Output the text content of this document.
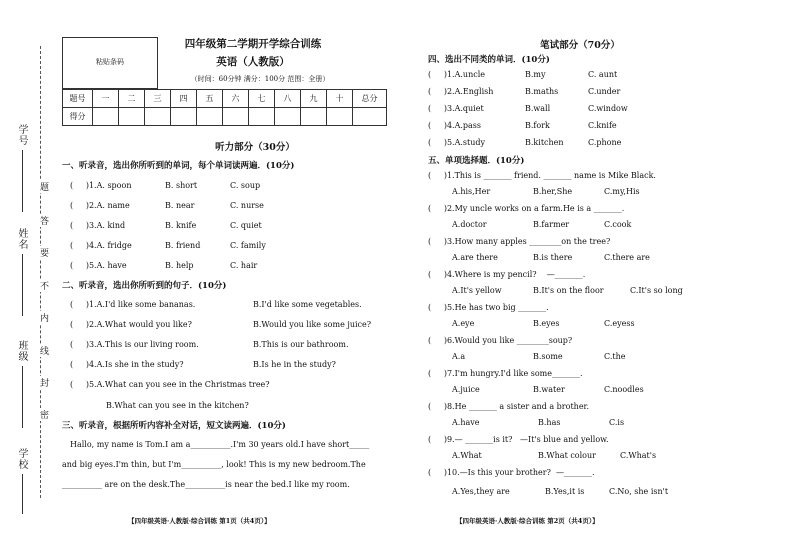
学号
姓名
班级
学校
题
答
要
不
内
线
封
密
粘贴条码
四年级第二学期开学综合训练
英语（人教版）
（时间：60分钟 满分：100分 范围：全册）
题号	一	二	三	四	五	六	七	八	九	十	总分
得分											
听力部分（30分）
一、听录音，选出你所听到的单词，每个单词读两遍．(10分)
(     )1.A. spoon	B. short	C. soup
(     )2.A. name	B. near	C. nurse
(     )3.A. kind	B. knife	C. quiet
(     )4.A. fridge	B. friend	C. family
(     )5.A. have	B. help	C. hair
二、听录音，选出你所听到的句子．(10分)
(     )1.A.I'd like some bananas.	B.I'd like some vegetables.
(     )2.A.What would you like?	B.Would you like some juice?
(     )3.A.This is our living room.	B.This is our bathroom.
(     )4.A.Is she in the study?	B.Is he in the study?
(     )5.A.What can you see in the Christmas tree?
B.What can you see in the kitchen?
三、听录音，根据所听内容补全对话，短文读两遍．(10分)
Hallo, my name is Tom.I am a__________.I'm 30 years old.I have short_____
and big eyes.I'm thin, but I'm__________, look! This is my new bedroom.The
__________ are on the desk.The__________is near the bed.I like my room.
【四年级英语·人教版·综合训练 第1页（共4页）】
笔试部分（70分）
四、选出不同类的单词．(10分)
(     )1.A.uncle	B.my	C. aunt
(     )2.A.English	B.maths	C.under
(     )3.A.quiet	B.wall	C.window
(     )4.A.pass	B.fork	C.knife
(     )5.A.study	B.kitchen	C.phone
五、单项选择题．(10分)
(     )1.This is _______ friend. _______ name is Mike Black.
A.his,Her	B.her,She	C.my,His
(     )2.My uncle works on a farm.He is a _______.
A.doctor	B.farmer	C.cook
(     )3.How many apples ________on the tree?
A.are there	B.is there	C.there are
(     )4.Where is my pencil?    —_______.
A.It's yellow	B.It's on the floor	C.It's so long
(     )5.He has two big _______.
A.eye	B.eyes	C.eyess
(     )6.Would you like ________soup?
A.a	B.some	C.the
(     )7.I'm hungry.I'd like some_______.
A.juice	B.water	C.noodles
(     )8.He _______ a sister and a brother.
A.have	B.has	C.is
(     )9.— _______is it?   —It's blue and yellow.
A.What	B.What colour	C.What's
(     )10.—Is this your brother?  —_______.
A.Yes,they are	B.Yes,it is	C.No, she isn't
【四年级英语·人教版·综合训练 第2页（共4页）】
